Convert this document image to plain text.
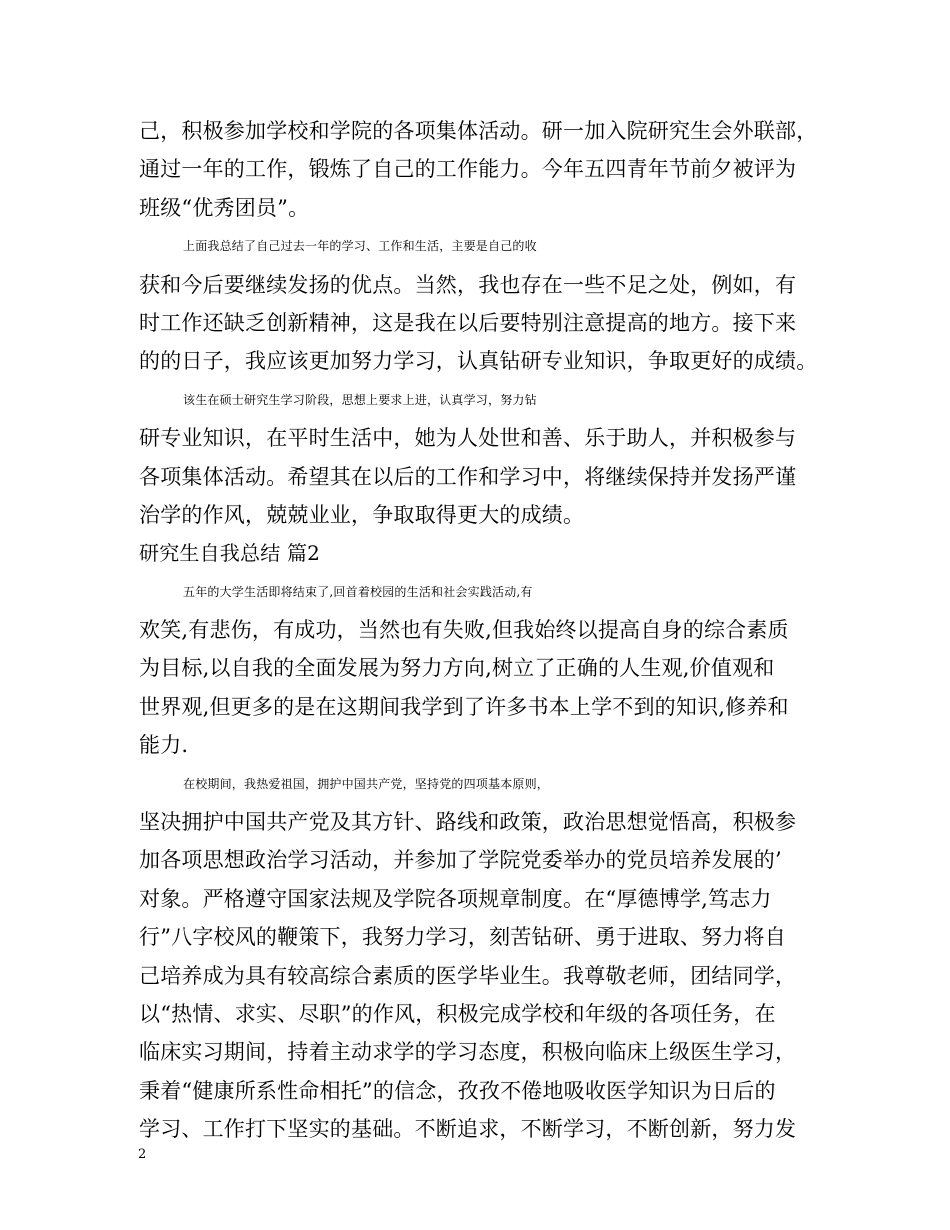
己，积极参加学校和学院的各项集体活动。研一加入院研究生会外联部，
通过一年的工作，锻炼了自己的工作能力。今年五四青年节前夕被评为
班级“优秀团员”。
上面我总结了自己过去一年的学习、工作和生活，主要是自己的收
获和今后要继续发扬的优点。当然，我也存在一些不足之处，例如，有
时工作还缺乏创新精神，这是我在以后要特别注意提高的地方。接下来
的的日子，我应该更加努力学习，认真钻研专业知识，争取更好的成绩。
该生在硕士研究生学习阶段，思想上要求上进，认真学习，努力钻
研专业知识，在平时生活中，她为人处世和善、乐于助人，并积极参与
各项集体活动。希望其在以后的工作和学习中，将继续保持并发扬严谨
治学的作风，兢兢业业，争取取得更大的成绩。
研究生自我总结 篇2
五年的大学生活即将结束了,回首着校园的生活和社会实践活动,有
欢笑,有悲伤，有成功，当然也有失败,但我始终以提高自身的综合素质
为目标,以自我的全面发展为努力方向,树立了正确的人生观,价值观和
世界观,但更多的是在这期间我学到了许多书本上学不到的知识,修养和
能力.
在校期间，我热爱祖国，拥护中国共产党，坚持党的四项基本原则，
坚决拥护中国共产党及其方针、路线和政策，政治思想觉悟高，积极参
加各项思想政治学习活动，并参加了学院党委举办的党员培养发展的’
对象。严格遵守国家法规及学院各项规章制度。在“厚德博学,笃志力
行”八字校风的鞭策下，我努力学习，刻苦钻研、勇于进取、努力将自
己培养成为具有较高综合素质的医学毕业生。我尊敬老师，团结同学，
以“热情、求实、尽职”的作风，积极完成学校和年级的各项任务，在
临床实习期间，持着主动求学的学习态度，积极向临床上级医生学习，
秉着“健康所系性命相托”的信念，孜孜不倦地吸收医学知识为日后的
学习、工作打下坚实的基础。不断追求，不断学习，不断创新，努力发
2
